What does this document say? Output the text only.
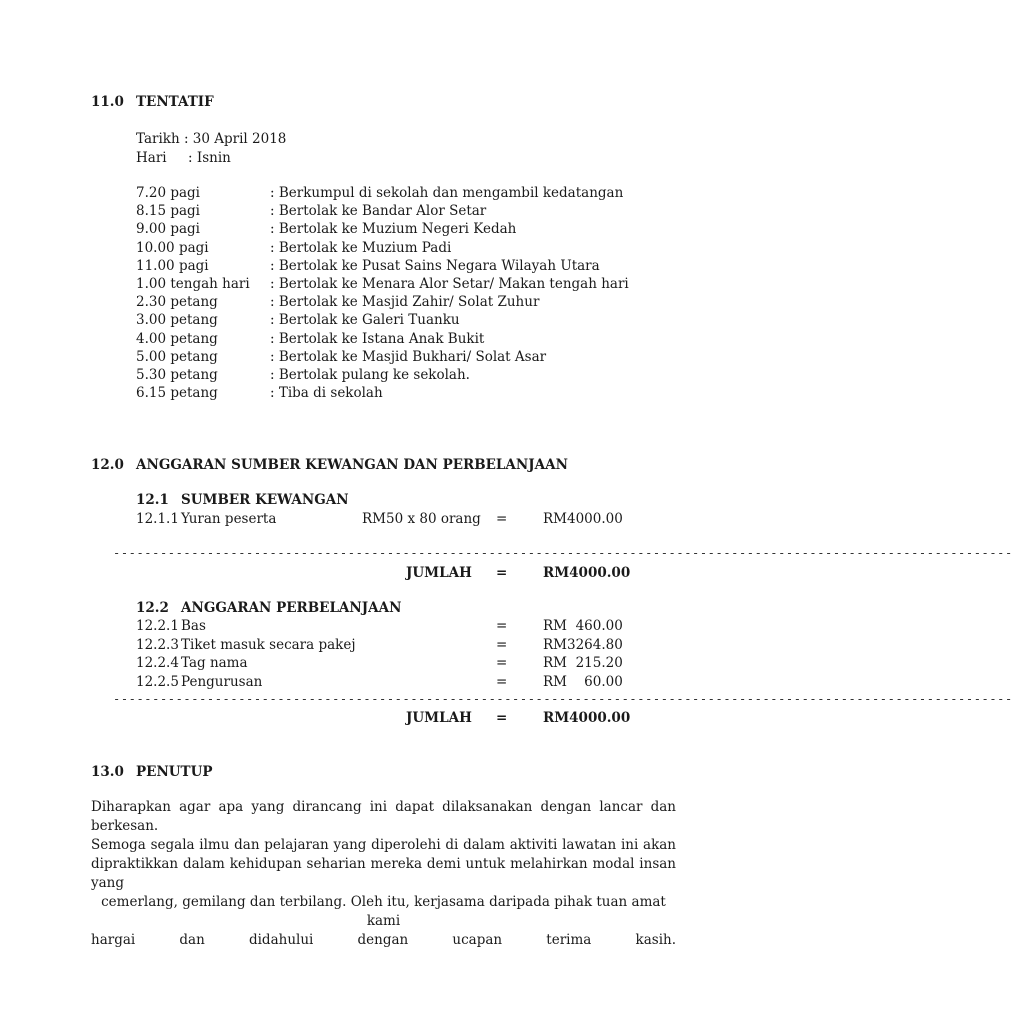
11.0 TENTATIF
Tarikh : 30 April 2018
Hari     : Isnin
7.20 pagi	: Berkumpul di sekolah dan mengambil kedatangan
8.15 pagi	: Bertolak ke Bandar Alor Setar
9.00 pagi	: Bertolak ke Muzium Negeri Kedah
10.00 pagi	: Bertolak ke Muzium Padi
11.00 pagi	: Bertolak ke Pusat Sains Negara Wilayah Utara
1.00 tengah hari : Bertolak ke Menara Alor Setar/ Makan tengah hari
2.30 petang	: Bertolak ke Masjid Zahir/ Solat Zuhur
3.00 petang	: Bertolak ke Galeri Tuanku
4.00 petang	: Bertolak ke Istana Anak Bukit
5.00 petang	: Bertolak ke Masjid Bukhari/ Solat Asar
5.30 petang	: Bertolak pulang ke sekolah.
6.15 petang	: Tiba di sekolah
12.0 ANGGARAN SUMBER KEWANGAN DAN PERBELANJAAN
12.1 SUMBER KEWANGAN
12.1.1 Yuran peserta	RM50 x 80 orang =	RM4000.00
-------------------------------------------------------------------------------------------------------------------
JUMLAH =	RM4000.00
12.2 ANGGARAN PERBELANJAAN
12.2.1 Bas	=	RM  460.00
12.2.3 Tiket masuk secara pakej	=	RM3264.80
12.2.4 Tag nama	=	RM  215.20
12.2.5 Pengurusan	=	RM    60.00
-------------------------------------------------------------------------------------------------------------------
JUMLAH =	RM4000.00
13.0 PENUTUP
Diharapkan agar apa yang dirancang ini dapat dilaksanakan dengan lancar dan berkesan.
Semoga segala ilmu dan pelajaran yang diperolehi di dalam aktiviti lawatan ini akan
dipraktikkan dalam kehidupan seharian mereka demi untuk melahirkan modal insan yang
cemerlang, gemilang dan terbilang. Oleh itu, kerjasama daripada pihak tuan amat kami
hargai dan didahului dengan ucapan terima kasih.
